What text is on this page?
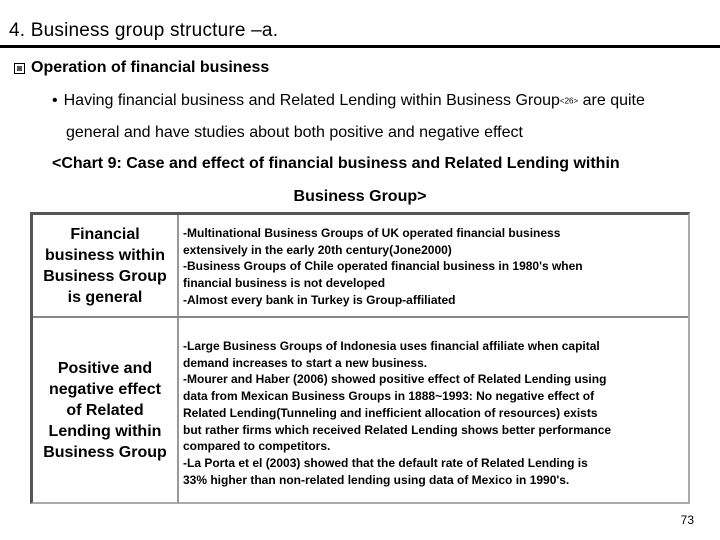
4. Business group structure –a.
Operation of financial business
• Having financial business and Related Lending within Business Group<26> are quite
general and have studies about both positive and negative effect
<Chart 9: Case and effect of financial business and Related Lending within
Business Group>
Financial
business within
Business Group
is general
-Multinational Business Groups of UK operated financial business
extensively in the early 20th century(Jone2000)
-Business Groups of Chile operated financial business in 1980's when
financial business is not developed
-Almost every bank in Turkey is Group-affiliated
Positive and
negative effect
of Related
Lending within
Business Group
-Large Business Groups of Indonesia uses financial affiliate when capital
demand increases to start a new business.
-Mourer and Haber (2006) showed positive effect of Related Lending using
data from Mexican Business Groups in 1888~1993: No negative effect of
Related Lending(Tunneling and inefficient allocation of resources) exists
but rather firms which received Related Lending shows better performance
compared to competitors.
-La Porta et el (2003) showed that the default rate of Related Lending is
33% higher than non-related lending using data of Mexico in 1990's.
73
